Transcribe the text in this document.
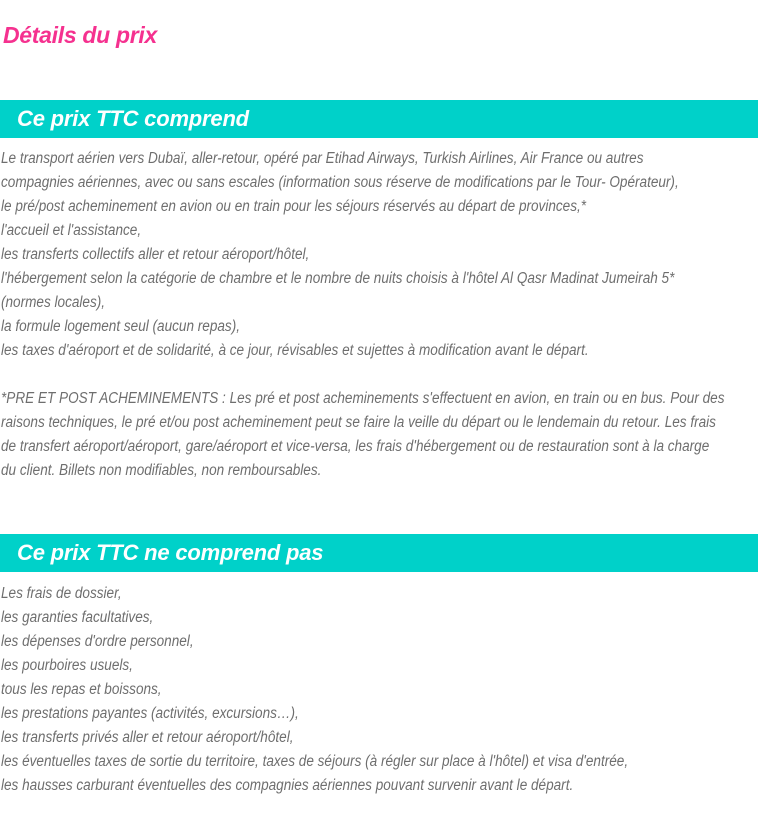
Détails du prix
Ce prix TTC comprend
Le transport aérien vers Dubaï, aller-retour, opéré par Etihad Airways, Turkish Airlines, Air France ou autres
compagnies aériennes, avec ou sans escales (information sous réserve de modifications par le Tour- Opérateur),
le pré/post acheminement en avion ou en train pour les séjours réservés au départ de provinces,*
l'accueil et l'assistance,
les transferts collectifs aller et retour aéroport/hôtel,
l'hébergement selon la catégorie de chambre et le nombre de nuits choisis à l'hôtel Al Qasr Madinat Jumeirah 5*
(normes locales),
la formule logement seul (aucun repas),
les taxes d'aéroport et de solidarité, à ce jour, révisables et sujettes à modification avant le départ.
*PRE ET POST ACHEMINEMENTS : Les pré et post acheminements s'effectuent en avion, en train ou en bus. Pour des
raisons techniques, le pré et/ou post acheminement peut se faire la veille du départ ou le lendemain du retour. Les frais
de transfert aéroport/aéroport, gare/aéroport et vice-versa, les frais d'hébergement ou de restauration sont à la charge
du client. Billets non modifiables, non remboursables.
Ce prix TTC ne comprend pas
Les frais de dossier,
les garanties facultatives,
les dépenses d'ordre personnel,
les pourboires usuels,
tous les repas et boissons,
les prestations payantes (activités, excursions…),
les transferts privés aller et retour aéroport/hôtel,
les éventuelles taxes de sortie du territoire, taxes de séjours (à régler sur place à l'hôtel) et visa d'entrée,
les hausses carburant éventuelles des compagnies aériennes pouvant survenir avant le départ.
